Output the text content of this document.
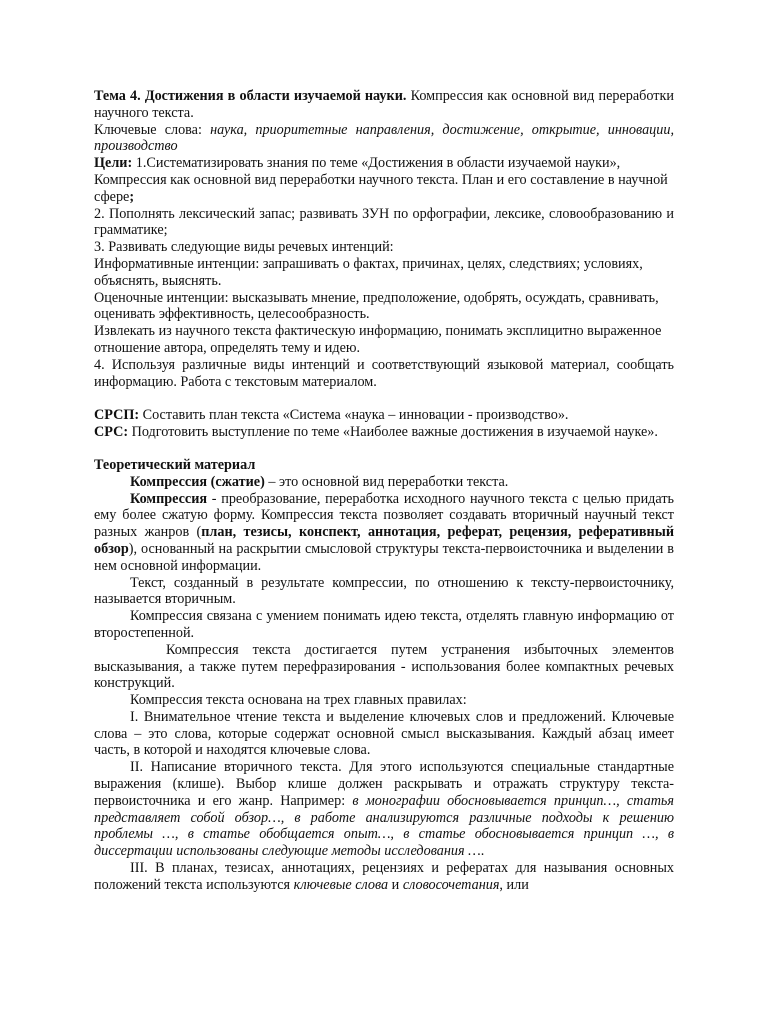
Тема 4. Достижения в области изучаемой науки. Компрессия как основной вид переработки научного текста.

Ключевые слова: наука, приоритетные направления, достижение, открытие, инновации, производство

Цели: 1.Систематизировать знания по теме «Достижения в области изучаемой науки», Компрессия как основной вид переработки научного текста. План и его составление в научной сфере;

2. Пополнять лексический запас; развивать ЗУН по орфографии, лексике, словообразованию и грамматике;

3. Развивать следующие виды речевых интенций:

Информативные интенции: запрашивать о фактах, причинах, целях, следствиях; условиях, объяснять, выяснять.

Оценочные интенции: высказывать мнение, предположение, одобрять, осуждать, сравнивать, оценивать эффективность, целесообразность.

Извлекать из научного текста фактическую информацию, понимать эксплицитно выраженное отношение автора, определять тему и идею.

4. Используя различные виды интенций и соответствующий языковой материал, сообщать информацию. Работа с текстовым материалом.

СРСП: Составить план текста «Система «наука – инновации - производство».

СРС: Подготовить выступление по теме «Наиболее важные достижения в изучаемой науке».

Теоретический материал

Компрессия (сжатие) – это основной вид переработки текста.

Компрессия - преобразование, переработка исходного научного текста с целью придать ему более сжатую форму. Компрессия текста позволяет создавать вторичный научный текст разных жанров (план, тезисы, конспект, аннотация, реферат, рецензия, реферативный обзор), основанный на раскрытии смысловой структуры текста-первоисточника и выделении в нем основной информации.

Текст, созданный в результате компрессии, по отношению к тексту-первоисточнику, называется вторичным.

Компрессия связана с умением понимать идею текста, отделять главную информацию от второстепенной.

Компрессия текста достигается путем устранения избыточных элементов высказывания, а также путем перефразирования - использования более компактных речевых конструкций.

Компрессия текста основана на трех главных правилах:

I. Внимательное чтение текста и выделение ключевых слов и предложений. Ключевые слова – это слова, которые содержат основной смысл высказывания. Каждый абзац имеет часть, в которой и находятся ключевые слова.

II. Написание вторичного текста. Для этого используются специальные стандартные выражения (клише). Выбор клише должен раскрывать и отражать структуру текста-первоисточника и его жанр. Например: в монографии обосновывается принцип…, статья представляет собой обзор…, в работе анализируются различные подходы к решению проблемы …, в статье обобщается опыт…, в статье обосновывается принцип …, в диссертации использованы следующие методы исследования ….

III. В планах, тезисах, аннотациях, рецензиях и рефератах для называния основных положений текста используются ключевые слова и словосочетания, или
